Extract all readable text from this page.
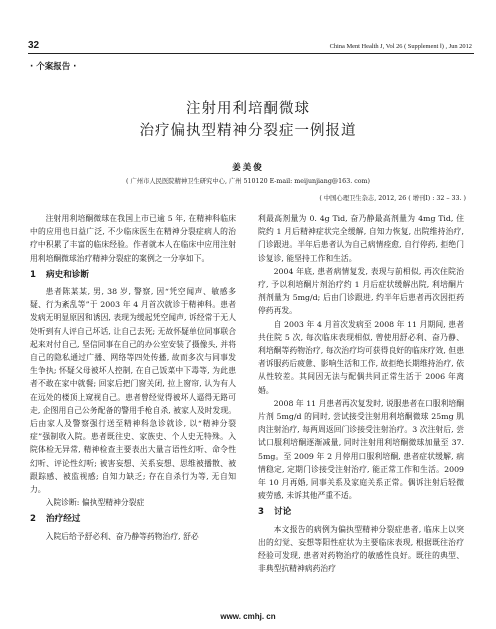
32	China Ment Health J, Vol 26 ( Supplement Ⅰ) , Jun 2012
· 个案报告 ·
注射用利培酮微球
治疗偏执型精神分裂症一例报道
姜美俊
( 广州市人民医院精神卫生研究中心, 广州 510120 E-mail: meijunjiang@163. com)
( 中国心理卫生杂志, 2012, 26 ( 增刊Ⅰ) : 32 – 33. )

注射用利培酮微球在我国上市已逾 5 年, 在精神科临床中的应用也日益广泛, 不少临床医生在精神分裂症病人的治疗中积累了丰富的临床经验。作者就本人在临床中应用注射用利培酮微球治疗精神分裂症的案例之一分享如下。

1 病史和诊断

患者陈某某, 男, 38 岁, 警察, 因“凭空闻声、敏感多疑、行为紊乱等”于 2003 年 4 月首次就诊于精神科。患者发病无明显原因和诱因, 表现为缓起凭空闻声, 诉经常于无人处听到有人评自己坏话, 让自己去死; 无故怀疑单位同事联合起来对付自己, 坚信同事在自己的办公室安装了摄像头, 并将自己的隐私通过广播、网络等四处传播, 故而多次与同事发生争执; 怀疑父母被坏人控制, 在自己饭菜中下毒等, 为此患者不敢在家中就餐; 回家后把门窗关闭, 拉上窗帘, 认为有人在远处的楼顶上窥视自己。患者曾经觉得被坏人逼得无路可走, 企图用自己公务配备的警用手枪自杀, 被家人及时发现。后由家人及警察强行送至精神科急诊就诊, 以“精神分裂症”强制收入院。患者既往史、家族史、个人史无特殊。入院体检无异常, 精神检查主要表出大量言语性幻听、命令性幻听、评论性幻听; 被害妄想、关系妄想、思维被播散、被跟踪感、被监视感; 自知力缺乏; 存在自杀行为等, 无自知力。

入院诊断: 偏执型精神分裂症

2 治疗经过

入院后给予舒必利、奋乃静等药物治疗, 舒必

利最高剂量为 0. 4g Tid, 奋乃静最高剂量为 4mg Tid, 住院约 1 月后精神症状完全缓解, 自知力恢复, 出院维持治疗, 门诊跟进。半年后患者认为自己病情痊愈, 自行停药, 拒绝门诊复诊, 能坚持工作和生活。

2004 年底, 患者病情复发, 表现与前相似, 再次住院治疗, 予以利培酮片剂治疗约 1 月后症状缓解出院, 利培酮片剂剂量为 5mg/d; 后由门诊跟进, 约半年后患者再次因拒药停药再发。

自 2003 年 4 月首次发病至 2008 年 11 月期间, 患者共住院 5 次, 每次临床表现相似, 曾使用舒必利、奋乃静、利培酮等药物治疗, 每次治疗均可获得良好的临床疗效, 但患者诉服药后疲惫、影响生活和工作, 故拒绝长期维持治疗, 依从性较差。其间因无法与配偶共同正常生活于 2006 年离婚。

2008 年 11 月患者再次复发时, 说服患者在口服利培酮片剂 5mg/d 的同时, 尝试接受注射用利培酮微球 25mg 肌肉注射治疗, 每两周返回门诊接受注射治疗。3 次注射后, 尝试口服利培酮逐渐减量, 同时注射用利培酮微球加量至 37. 5mg。至 2009 年 2 月停用口服利培酮, 患者症状缓解, 病情稳定, 定期门诊接受注射治疗, 能正常工作和生活。2009 年 10 月再婚, 同事关系及家庭关系正常。偶诉注射后轻微疲劳感, 未诉其他严重不适。

3 讨论

本文报告的病例为偏执型精神分裂症患者, 临床上以突出的幻觉、妄想等阳性症状为主要临床表现, 根据既往治疗经验可发现, 患者对药物治疗的敏感性良好。既往的典型、非典型抗精神病药治疗

www. cmhj. cn
